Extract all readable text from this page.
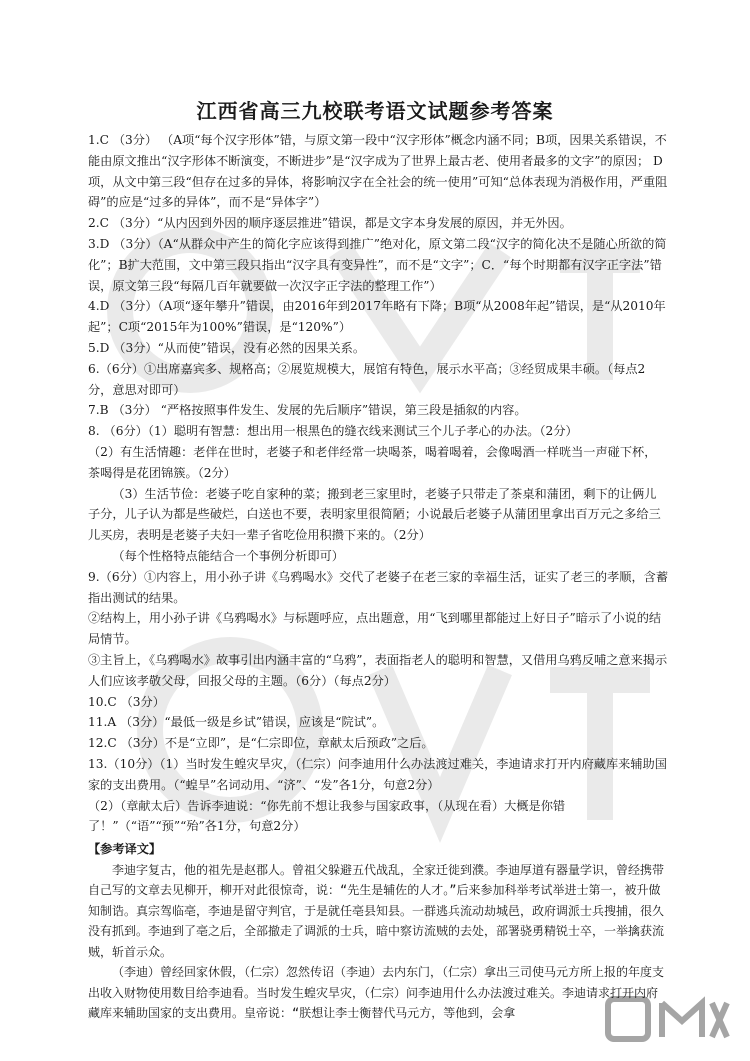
江西省高三九校联考语文试题参考答案

1.C （3分） （A项“每个汉字形体”错，与原文第一段中“汉字形体”概念内涵不同；B项，因果关系错误，不能由原文推出“汉字形体不断演变，不断进步”是“汉字成为了世界上最古老、使用者最多的文字”的原因； D项，从文中第三段“但存在过多的异体，将影响汉字在全社会的统一使用”可知“总体表现为消极作用，严重阻碍”的应是“过多的异体”，而不是“异体字”）

2.C （3分）“从内因到外因的顺序逐层推进”错误，都是文字本身发展的原因，并无外因。

3.D （3分）（A“从群众中产生的简化字应该得到推广”绝对化，原文第二段“汉字的简化决不是随心所欲的简化”；B扩大范围，文中第三段只指出“汉字具有变异性”，而不是“文字”；C．“每个时期都有汉字正字法”错误，原文第三段“每隔几百年就要做一次汉字正字法的整理工作”）

4.D （3分）（A项“逐年攀升”错误，由2016年到2017年略有下降；B项“从2008年起”错误，是“从2010年起”；C项“2015年为100%”错误，是“120%”）

5.D （3分）“从而使”错误，没有必然的因果关系。

6.（6分）①出席嘉宾多、规格高；②展览规模大，展馆有特色，展示水平高；③经贸成果丰硕。（每点2分，意思对即可）

7.B （3分） “严格按照事件发生、发展的先后顺序”错误，第三段是插叙的内容。

8. （6分）（1）聪明有智慧：想出用一根黑色的缝衣线来测试三个儿子孝心的办法。（2分）

（2）有生活情趣：老伴在世时，老婆子和老伴经常一块喝茶，喝着喝着，会像喝酒一样咣当一声碰下杯，茶喝得是花团锦簇。（2分）

（3）生活节俭：老婆子吃自家种的菜；搬到老三家里时，老婆子只带走了茶桌和蒲团，剩下的让俩儿子分，儿子认为都是些破烂，白送也不要，表明家里很简陋；小说最后老婆子从蒲团里拿出百万元之多给三儿买房，表明是老婆子夫妇一辈子省吃俭用积攒下来的。（2分）

（每个性格特点能结合一个事例分析即可）

9.（6分）①内容上，用小孙子讲《乌鸦喝水》交代了老婆子在老三家的幸福生活，证实了老三的孝顺，含蓄指出测试的结果。

②结构上，用小孙子讲《乌鸦喝水》与标题呼应，点出题意，用“飞到哪里都能过上好日子”暗示了小说的结局情节。

③主旨上，《乌鸦喝水》故事引出内涵丰富的“乌鸦”，表面指老人的聪明和智慧，又借用乌鸦反哺之意来揭示人们应该孝敬父母，回报父母的主题。（6分）（每点2分）

10.C （3分）

11.A （3分）“最低一级是乡试”错误，应该是“院试”。

12.C （3分）不是“立即”，是“仁宗即位，章献太后预政”之后。

13.（10分）（1）当时发生蝗灾旱灾，（仁宗）问李迪用什么办法渡过难关，李迪请求打开内府藏库来辅助国家的支出费用。（“蝗旱”名词动用、“济”、“发”各1分，句意2分）

（2）（章献太后）告诉李迪说：“你先前不想让我参与国家政事，（从现在看）大概是你错了！”（“语”“预”“殆”各1分，句意2分）

【参考译文】

李迪字复古，他的祖先是赵郡人。曾祖父躲避五代战乱，全家迁徙到濮。李迪厚道有器量学识，曾经携带自己写的文章去见柳开，柳开对此很惊奇，说：“先生是辅佐的人才。”后来参加科举考试举进士第一，被升做知制诰。真宗驾临亳，李迪是留守判官，于是就任亳县知县。一群逃兵流动劫城邑，政府调派士兵搜捕，很久没有抓到。李迪到了亳之后，全部撤走了调派的士兵，暗中察访流贼的去处，部署骁勇精锐士卒，一举擒获流贼，斩首示众。

（李迪）曾经回家休假，（仁宗）忽然传诏（李迪）去内东门，（仁宗）拿出三司使马元方所上报的年度支出收入财物使用数目给李迪看。当时发生蝗灾旱灾，（仁宗）问李迪用什么办法渡过难关。李迪请求打开内府藏库来辅助国家的支出费用。皇帝说：“朕想让李士衡替代马元方，等他到，会拿
